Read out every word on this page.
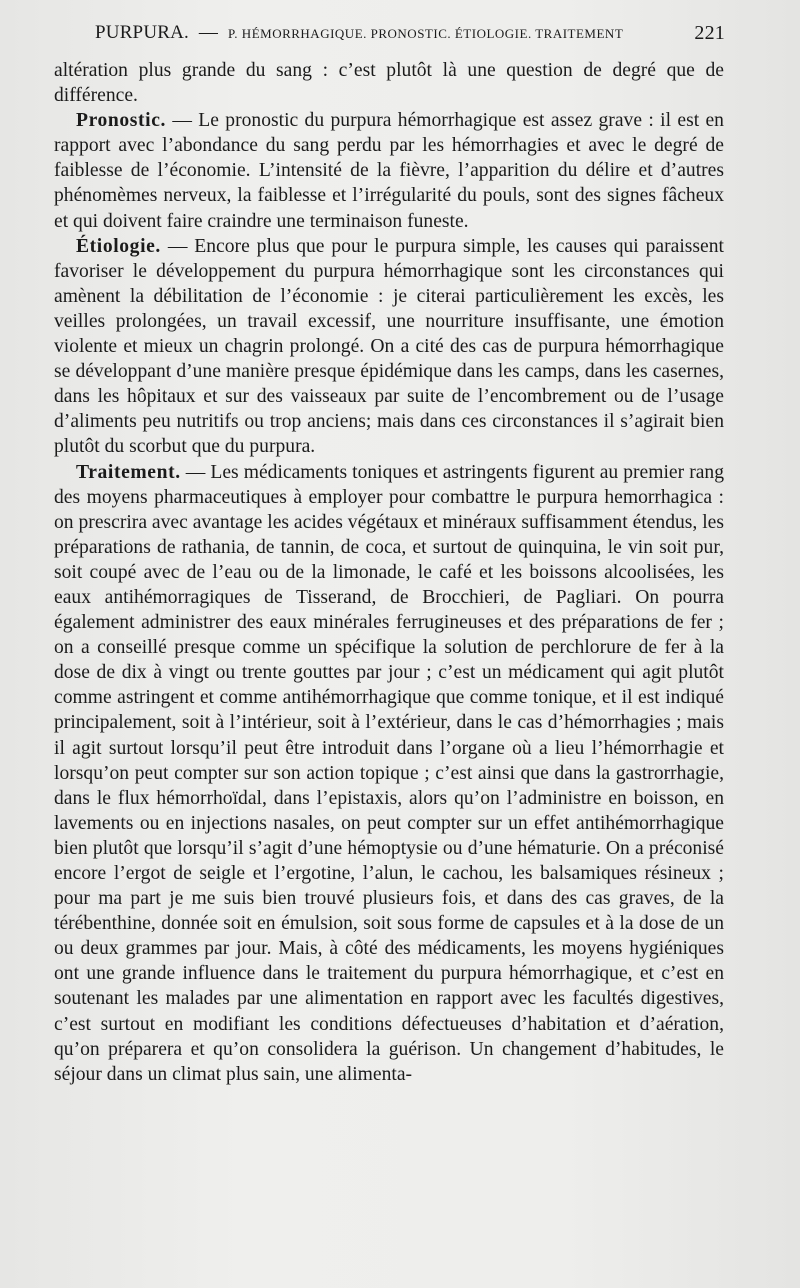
PURPURA. — P. HÉMORRHAGIQUE. PRONOSTIC. ÉTIOLOGIE. TRAITEMENT	221

altération plus grande du sang : c’est plutôt là une question de degré que de différence.

Pronostic. — Le pronostic du purpura hémorrhagique est assez grave : il est en rapport avec l’abondance du sang perdu par les hémorrhagies et avec le degré de faiblesse de l’économie. L’intensité de la fièvre, l’apparition du délire et d’autres phénomèmes nerveux, la faiblesse et l’irrégularité du pouls, sont des signes fâcheux et qui doivent faire craindre une terminaison funeste.

Étiologie. — Encore plus que pour le purpura simple, les causes qui paraissent favoriser le développement du purpura hémorrhagique sont les circonstances qui amènent la débilitation de l’économie : je citerai particulièrement les excès, les veilles prolongées, un travail excessif, une nourriture insuffisante, une émotion violente et mieux un chagrin prolongé. On a cité des cas de purpura hémorrhagique se développant d’une manière presque épidémique dans les camps, dans les casernes, dans les hôpitaux et sur des vaisseaux par suite de l’encombrement ou de l’usage d’aliments peu nutritifs ou trop anciens; mais dans ces circonstances il s’agirait bien plutôt du scorbut que du purpura.

Traitement. — Les médicaments toniques et astringents figurent au premier rang des moyens pharmaceutiques à employer pour combattre le purpura hemorrhagica : on prescrira avec avantage les acides végétaux et minéraux suffisamment étendus, les préparations de rathania, de tannin, de coca, et surtout de quinquina, le vin soit pur, soit coupé avec de l’eau ou de la limonade, le café et les boissons alcoolisées, les eaux antihémorragiques de Tisserand, de Brocchieri, de Pagliari. On pourra également administrer des eaux minérales ferrugineuses et des préparations de fer ; on a conseillé presque comme un spécifique la solution de perchlorure de fer à la dose de dix à vingt ou trente gouttes par jour ; c’est un médicament qui agit plutôt comme astringent et comme antihémorrhagique que comme tonique, et il est indiqué principalement, soit à l’intérieur, soit à l’extérieur, dans le cas d’hémorrhagies ; mais il agit surtout lorsqu’il peut être introduit dans l’organe où a lieu l’hémorrhagie et lorsqu’on peut compter sur son action topique ; c’est ainsi que dans la gastrorrhagie, dans le flux hémorrhoïdal, dans l’epistaxis, alors qu’on l’administre en boisson, en lavements ou en injections nasales, on peut compter sur un effet antihémorrhagique bien plutôt que lorsqu’il s’agit d’une hémoptysie ou d’une hématurie. On a préconisé encore l’ergot de seigle et l’ergotine, l’alun, le cachou, les balsamiques résineux ; pour ma part je me suis bien trouvé plusieurs fois, et dans des cas graves, de la térébenthine, donnée soit en émulsion, soit sous forme de capsules et à la dose de un ou deux grammes par jour. Mais, à côté des médicaments, les moyens hygiéniques ont une grande influence dans le traitement du purpura hémorrhagique, et c’est en soutenant les malades par une alimentation en rapport avec les facultés digestives, c’est surtout en modifiant les conditions défectueuses d’habitation et d’aération, qu’on préparera et qu’on consolidera la guérison. Un changement d’habitudes, le séjour dans un climat plus sain, une alimenta-
